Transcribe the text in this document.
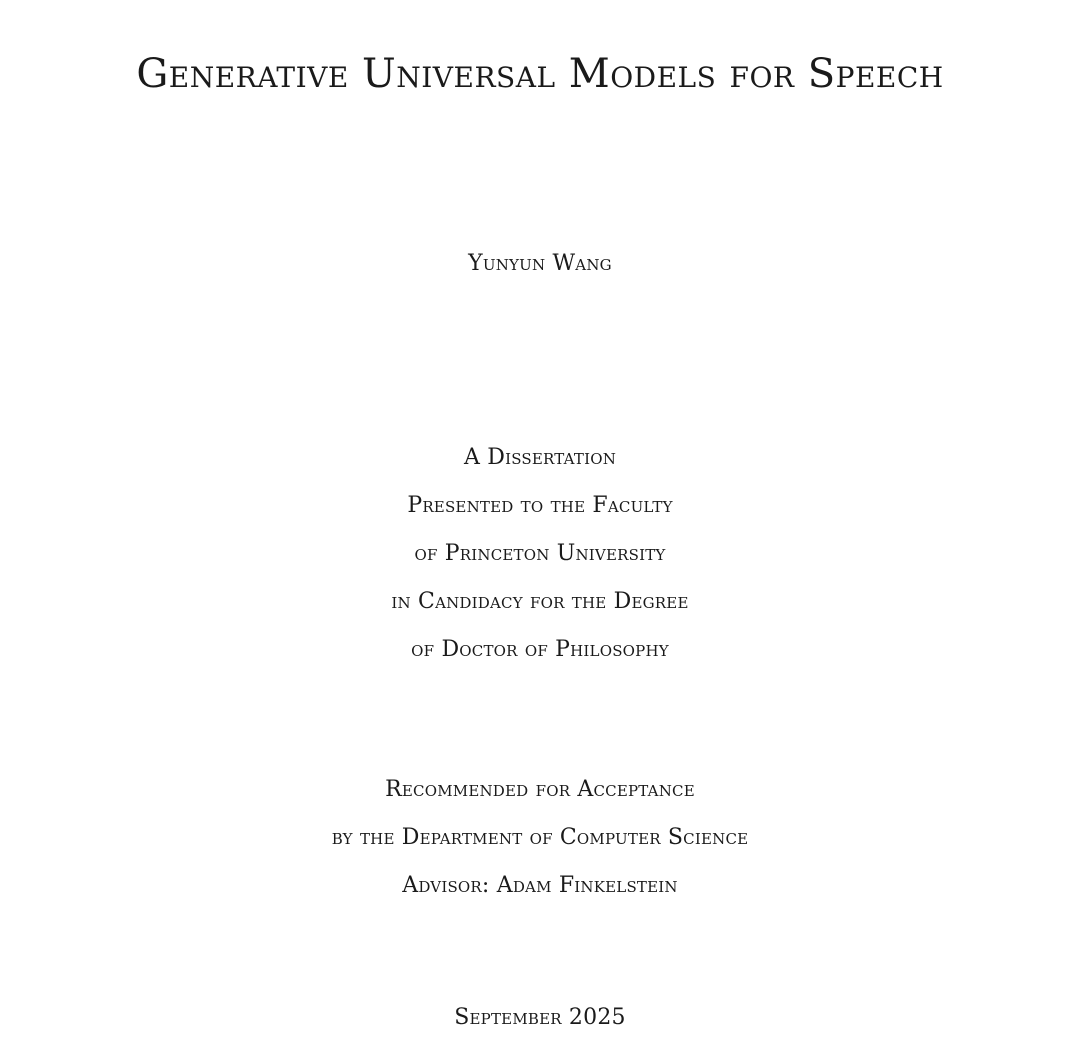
Generative Universal Models for Speech
Yunyun Wang
A Dissertation
Presented to the Faculty
of Princeton University
in Candidacy for the Degree
of Doctor of Philosophy
Recommended for Acceptance
by the Department of Computer Science
Advisor: Adam Finkelstein
September 2025
